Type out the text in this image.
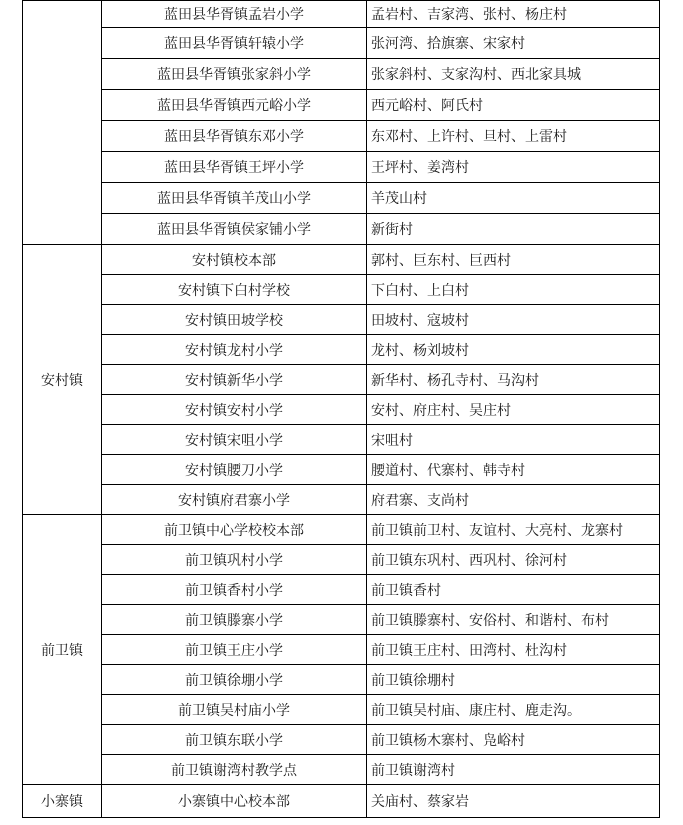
	蓝田县华胥镇孟岩小学	孟岩村、吉家湾、张村、杨庄村
	蓝田县华胥镇轩辕小学	张河湾、拾旗寨、宋家村
	蓝田县华胥镇张家斜小学	张家斜村、支家沟村、西北家具城
	蓝田县华胥镇西元峪小学	西元峪村、阿氏村
	蓝田县华胥镇东邓小学	东邓村、上许村、旦村、上雷村
	蓝田县华胥镇王坪小学	王坪村、姜湾村
	蓝田县华胥镇羊茂山小学	羊茂山村
	蓝田县华胥镇侯家铺小学	新街村
安村镇	安村镇校本部	郭村、巨东村、巨西村
	安村镇下白村学校	下白村、上白村
	安村镇田坡学校	田坡村、寇坡村
	安村镇龙村小学	龙村、杨刘坡村
	安村镇新华小学	新华村、杨孔寺村、马沟村
	安村镇安村小学	安村、府庄村、吴庄村
	安村镇宋咀小学	宋咀村
	安村镇腰刀小学	腰道村、代寨村、韩寺村
	安村镇府君寨小学	府君寨、支尚村
前卫镇	前卫镇中心学校校本部	前卫镇前卫村、友谊村、大亮村、龙寨村
	前卫镇巩村小学	前卫镇东巩村、西巩村、徐河村
	前卫镇香村小学	前卫镇香村
	前卫镇滕寨小学	前卫镇滕寨村、安俗村、和谐村、布村
	前卫镇王庄小学	前卫镇王庄村、田湾村、杜沟村
	前卫镇徐堋小学	前卫镇徐堋村
	前卫镇吴村庙小学	前卫镇吴村庙、康庄村、鹿走沟。
	前卫镇东联小学	前卫镇杨木寨村、凫峪村
	前卫镇谢湾村教学点	前卫镇谢湾村
小寨镇	小寨镇中心校本部	关庙村、蔡家岩
